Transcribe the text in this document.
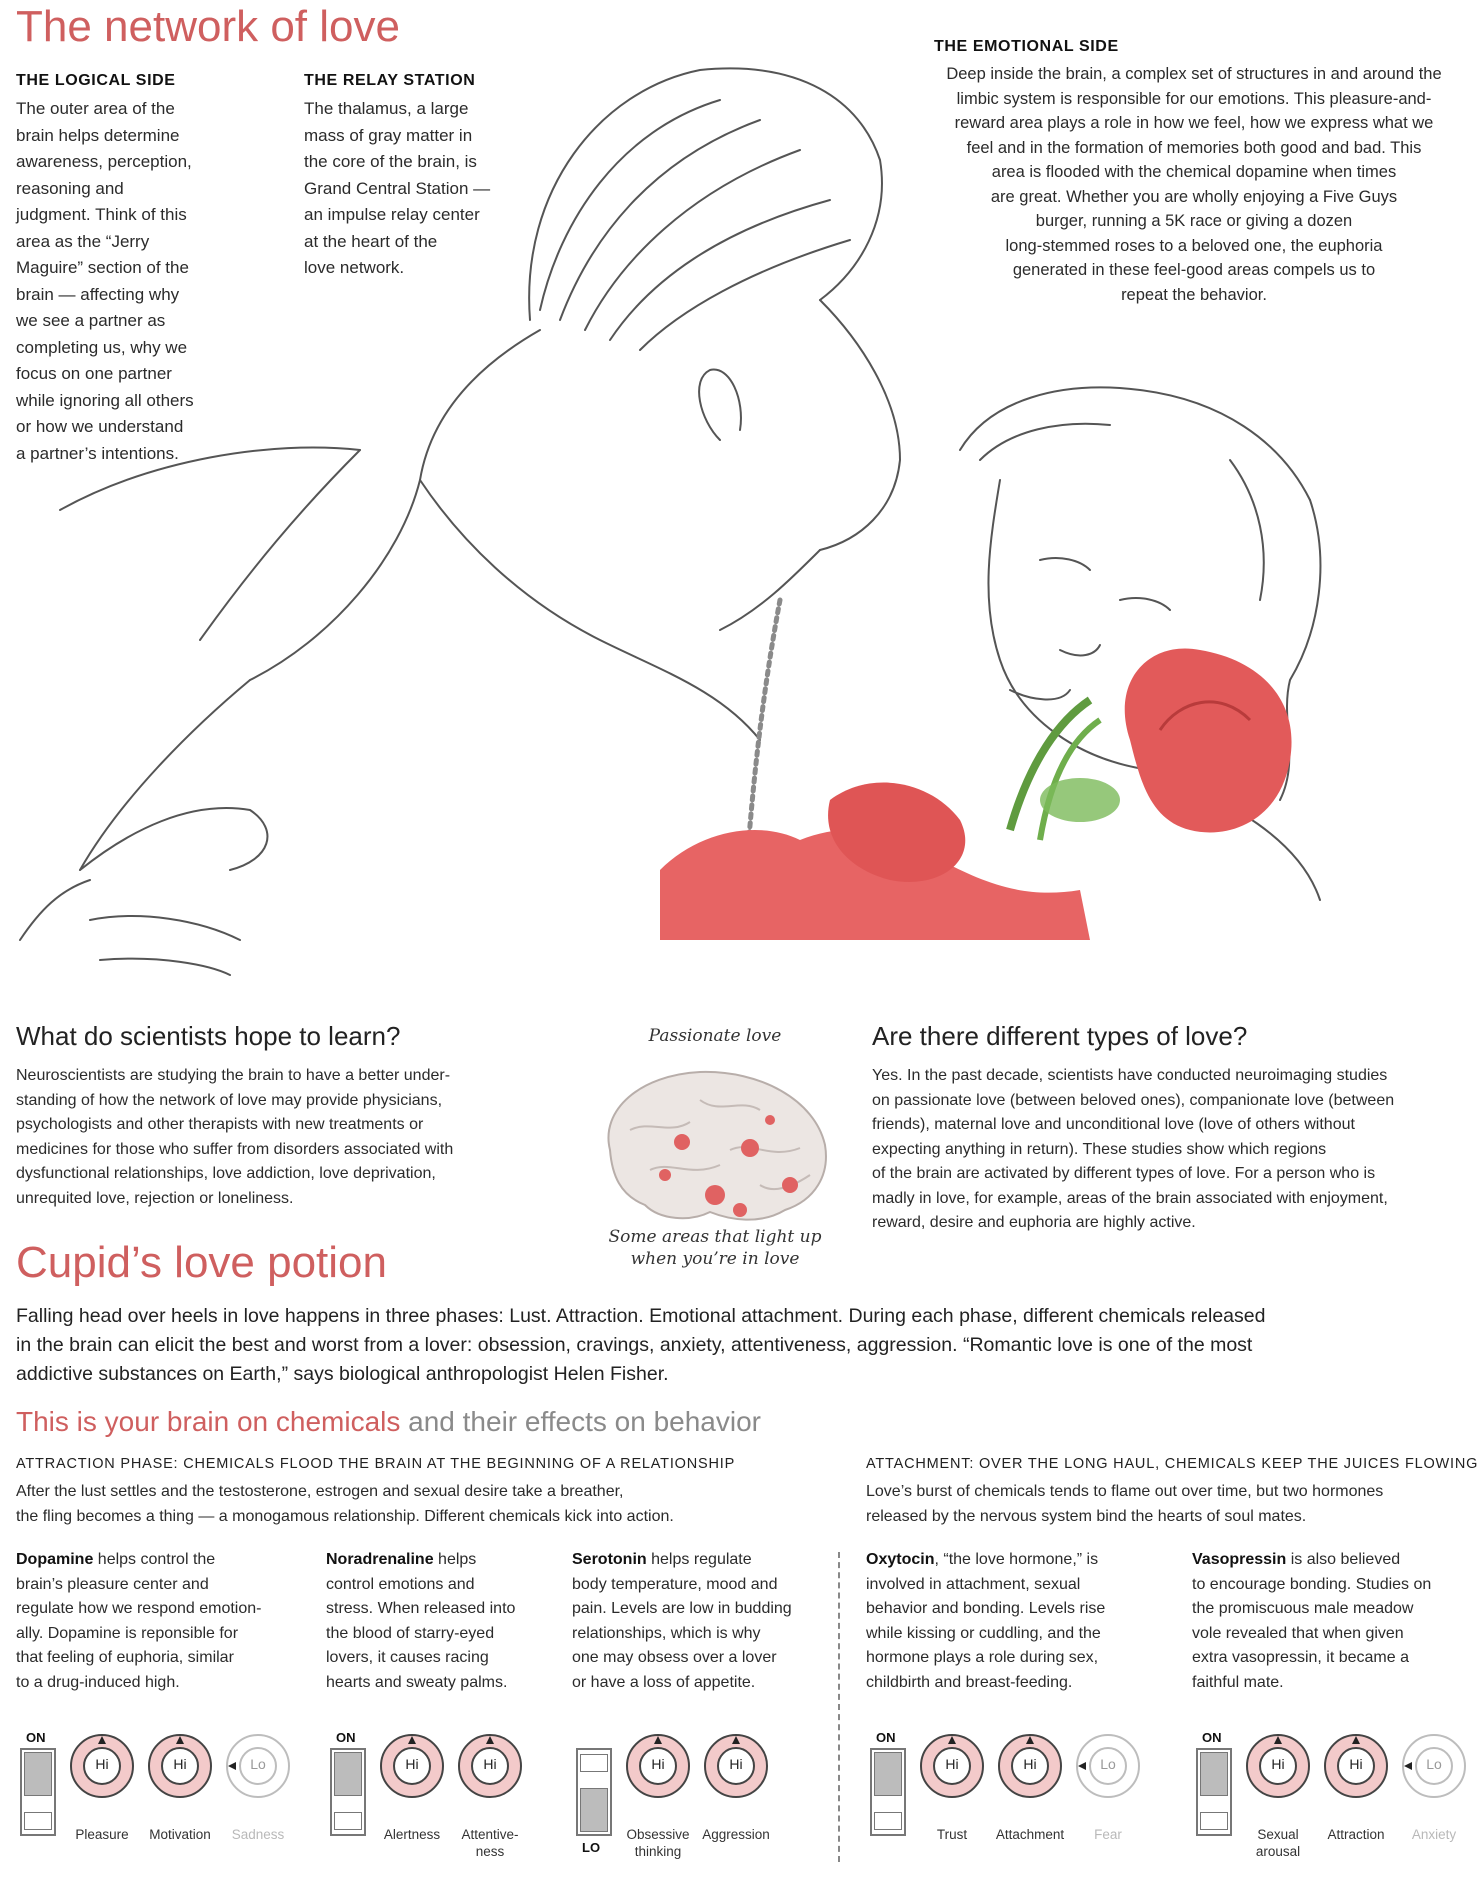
The network of love
THE LOGICAL SIDE
The outer area of the
brain helps determine
awareness, perception,
reasoning and
judgment. Think of this
area as the “Jerry
Maguire” section of the
brain — affecting why
we see a partner as
completing us, why we
focus on one partner
while ignoring all others
or how we understand
a partner’s intentions.
THE RELAY STATION
The thalamus, a large
mass of gray matter in
the core of the brain, is
Grand Central Station —
an impulse relay center
at the heart of the
love network.
THE EMOTIONAL SIDE
Deep inside the brain, a complex set of structures in and around the
limbic system is responsible for our emotions. This pleasure-and-
reward area plays a role in how we feel, how we express what we
feel and in the formation of memories both good and bad. This
area is flooded with the chemical dopamine when times
are great. Whether you are wholly enjoying a Five Guys
burger, running a 5K race or giving a dozen
long-stemmed roses to a beloved one, the euphoria
generated in these feel-good areas compels us to
repeat the behavior.
What do scientists hope to learn?
Neuroscientists are studying the brain to have a better under-
standing of how the network of love may provide physicians,
psychologists and other therapists with new treatments or
medicines for those who suffer from disorders associated with
dysfunctional relationships, love addiction, love deprivation,
unrequited love, rejection or loneliness.
Passionate love
Some areas that light up
when you’re in love
Are there different types of love?
Yes. In the past decade, scientists have conducted neuroimaging studies
on passionate love (between beloved ones), companionate love (between
friends), maternal love and unconditional love (love of others without
expecting anything in return). These studies show which regions
of the brain are activated by different types of love. For a person who is
madly in love, for example, areas of the brain associated with enjoyment,
reward, desire and euphoria are highly active.
Cupid’s love potion
Falling head over heels in love happens in three phases: Lust. Attraction. Emotional attachment. During each phase, different chemicals released
in the brain can elicit the best and worst from a lover: obsession, cravings, anxiety, attentiveness, aggression. “Romantic love is one of the most
addictive substances on Earth,” says biological anthropologist Helen Fisher.
This is your brain on chemicals and their effects on behavior
ATTRACTION PHASE: CHEMICALS FLOOD THE BRAIN AT THE BEGINNING OF A RELATIONSHIP
After the lust settles and the testosterone, estrogen and sexual desire take a breather,
the fling becomes a thing — a monogamous relationship. Different chemicals kick into action.
ATTACHMENT: OVER THE LONG HAUL, CHEMICALS KEEP THE JUICES FLOWING
Love’s burst of chemicals tends to flame out over time, but two hormones
released by the nervous system bind the hearts of soul mates.
Dopamine helps control the
brain’s pleasure center and
regulate how we respond emotion-
ally. Dopamine is reponsible for
that feeling of euphoria, similar
to a drug-induced high.
Noradrenaline helps
control emotions and
stress. When released into
the blood of starry-eyed
lovers, it causes racing
hearts and sweaty palms.
Serotonin helps regulate
body temperature, mood and
pain. Levels are low in budding
relationships, which is why
one may obsess over a lover
or have a loss of appetite.
Oxytocin, “the love hormone,” is
involved in attachment, sexual
behavior and bonding. Levels rise
while kissing or cuddling, and the
hormone plays a role during sex,
childbirth and breast-feeding.
Vasopressin is also believed
to encourage bonding. Studies on
the promiscuous male meadow
vole revealed that when given
extra vasopressin, it became a
faithful mate.
ON
Hi	Hi	Lo
Pleasure	Motivation	Sadness
ON
Hi	Hi
Alertness	Attentive-
ness	LO
Hi	Hi
Obsessive
thinking
Aggression
ON
Hi	Hi	Lo
Trust	Attachment	Fear
ON
Hi	Hi	Lo
Sexual
arousal
Attraction	Anxiety
